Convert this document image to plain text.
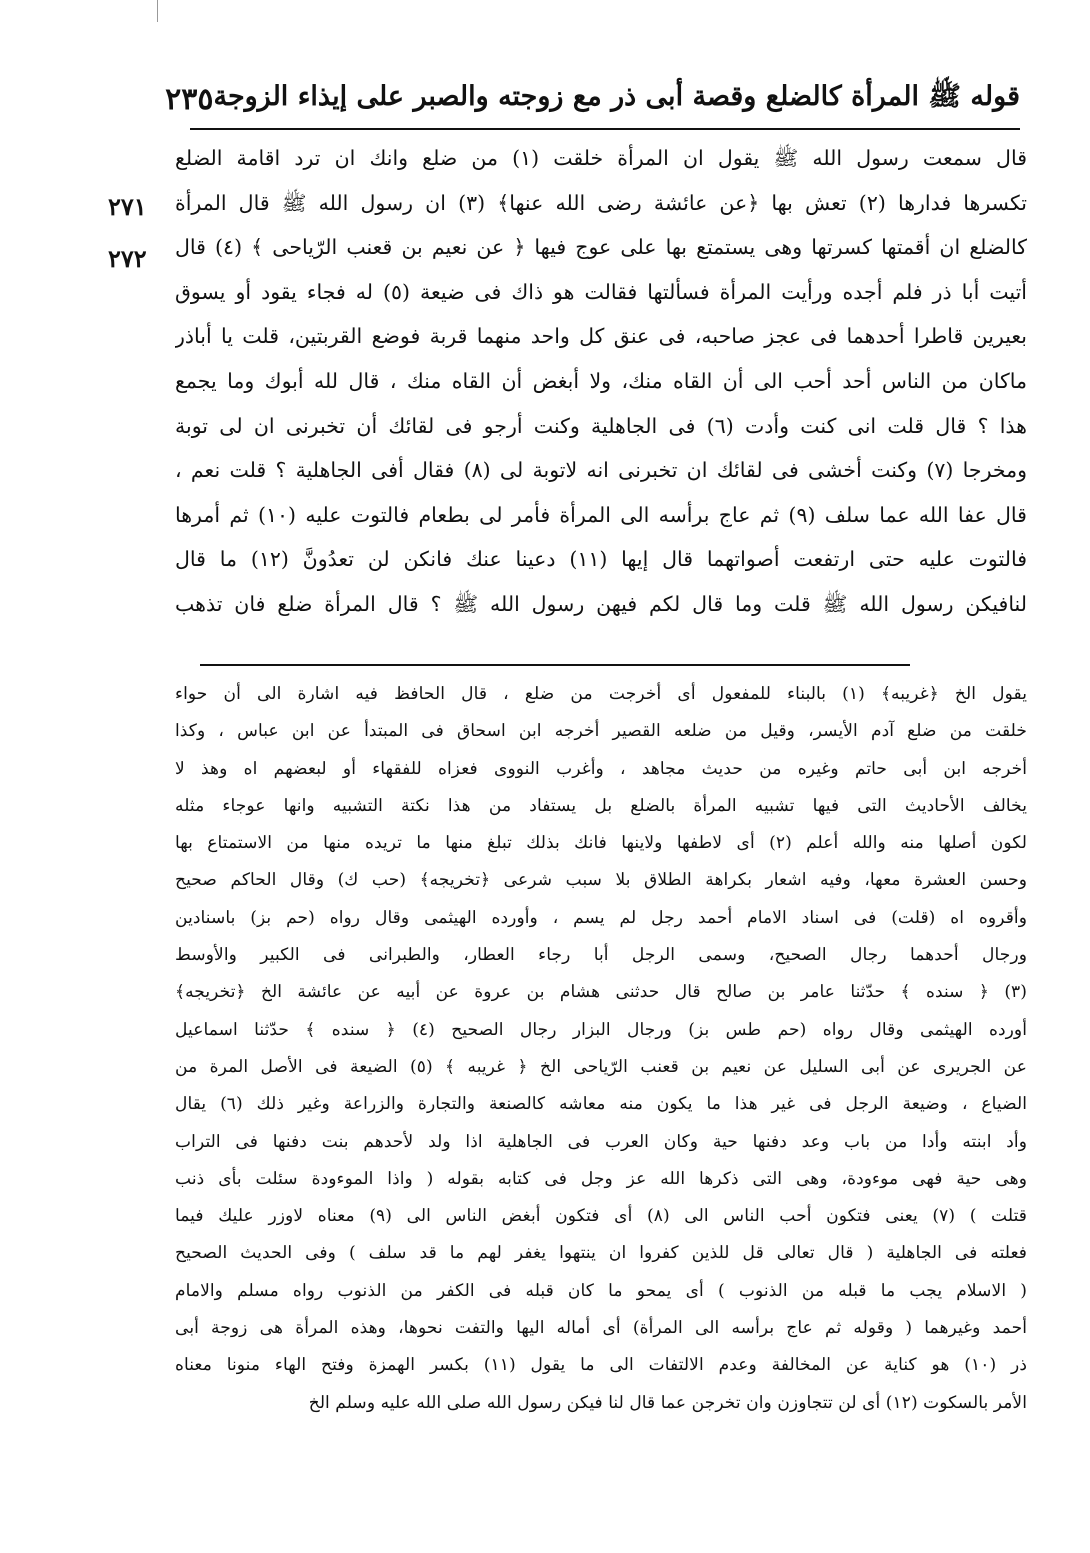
قوله ﷺ المرأة كالضلع وقصة أبى ذر مع زوجته والصبر على إيذاء الزوجة
٢٣٥
٢٧١
٢٧٢
قال سمعت رسول الله ﷺ يقول ان المرأة خلقت (١) من ضلع وانك ان ترد اقامة الضلع
تكسرها فدارها (٢) تعش بها ﴿عن عائشة رضى الله عنها﴾ (٣) ان رسول الله ﷺ قال المرأة
كالضلع ان أقمتها كسرتها وهى يستمتع بها على عوج فيها ﴿ عن نعيم بن قعنب الرّياحى ﴾ (٤) قال
أتيت أبا ذر فلم أجده ورأيت المرأة فسألتها فقالت هو ذاك فى ضيعة (٥) له فجاء يقود أو يسوق
بعيرين قاطرا أحدهما فى عجز صاحبه، فى عنق كل واحد منهما قربة فوضع القربتين، قلت يا أباذر
ماكان من الناس أحد أحب الى أن القاه منك، ولا أبغض أن القاه منك ، قال لله أبوك وما يجمع
هذا ؟ قال قلت انى كنت وأدت (٦) فى الجاهلية وكنت أرجو فى لقائك أن تخبرنى ان لى توبة
ومخرجا (٧) وكنت أخشى فى لقائك ان تخبرنى انه لاتوبة لى (٨) فقال أفى الجاهلية ؟ قلت نعم ،
قال عفا الله عما سلف (٩) ثم عاج برأسه الى المرأة فأمر لى بطعام فالتوت عليه (١٠) ثم أمرها
فالتوت عليه حتى ارتفعت أصواتهما قال إيها (١١) دعينا عنك فانكن لن تعدُونَّ (١٢) ما قال
لنافيكن رسول الله ﷺ قلت وما قال لكم فيهن رسول الله ﷺ ؟ قال المرأة ضلع فان تذهب
يقول الخ ﴿غريبه﴾ (١) بالبناء للمفعول أى أخرجت من ضلع ، قال الحافظ فيه اشارة الى أن حواء
خلقت من ضلع آدم الأيسر، وقيل من ضلعه القصير أخرجه ابن اسحاق فى المبتدأ عن ابن عباس ، وكذا
أخرجه ابن أبى حاتم وغيره من حديث مجاهد ، وأغرب النووى فعزاه للفقهاء أو لبعضهم اه وهذ لا
يخالف الأحاديث التى فيها تشبيه المرأة بالضلع بل يستفاد من هذا نكتة التشبيه وانها عوجاء مثله
لكون أصلها منه والله أعلم (٢) أى لاطفها ولاينها فانك بذلك تبلغ منها ما تريده منها من الاستمتاع بها
وحسن العشرة معها، وفيه اشعار بكراهة الطلاق بلا سبب شرعى ﴿تخريجه﴾ (حب ك) وقال الحاكم صحيح
وأقروه اه (قلت) فى اسناد الامام أحمد رجل لم يسم ، وأورده الهيثمى وقال رواه (حم بز) باسنادين
ورجال أحدهما رجال الصحيح، وسمى الرجل أبا رجاء العطار، والطبرانى فى الكبير والأوسط
(٣) ﴿ سنده ﴾ حدّثنا عامر بن صالح قال حدثنى هشام بن عروة عن أبيه عن عائشة الخ ﴿تخريجه﴾
أورده الهيثمى وقال رواه (حم طس بز) ورجال البزار رجال الصحيح (٤) ﴿ سنده ﴾ حدّثنا اسماعيل
عن الجريرى عن أبى السليل عن نعيم بن قعنب الرّياحى الخ ﴿ غريبه ﴾ (٥) الضيعة فى الأصل المرة من
الضياع ، وضيعة الرجل فى غير هذا ما يكون منه معاشه كالصنعة والتجارة والزراعة وغير ذلك (٦) يقال
وأد ابنته وأدا من باب وعد دفنها حية وكان العرب فى الجاهلية اذا ولد لأحدهم بنت دفنها فى التراب
وهى حية فهى موءودة، وهى التى ذكرها الله عز وجل فى كتابه بقوله ( واذا الموءودة سئلت بأى ذنب
قتلت ) (٧) يعنى فتكون أحب الناس الى (٨) أى فتكون أبغض الناس الى (٩) معناه لاوزر عليك فيما
فعلته فى الجاهلية ( قال تعالى قل للذين كفروا ان ينتهوا يغفر لهم ما قد سلف ) وفى الحديث الصحيح
( الاسلام يجب ما قبله من الذنوب ) أى يمحو ما كان قبله فى الكفر من الذنوب رواه مسلم والامام
أحمد وغيرهما ( وقوله ثم عاج برأسه الى المرأة) أى أماله اليها والتفت نحوها، وهذه المرأة هى زوجة أبى
ذر (١٠) هو كناية عن المخالفة وعدم الالتفات الى ما يقول (١١) بكسر الهمزة وفتح الهاء منونا معناه
الأمر بالسكوت (١٢) أى لن تتجاوزن وان تخرجن عما قال لنا فيكن رسول الله صلى الله عليه وسلم الخ
